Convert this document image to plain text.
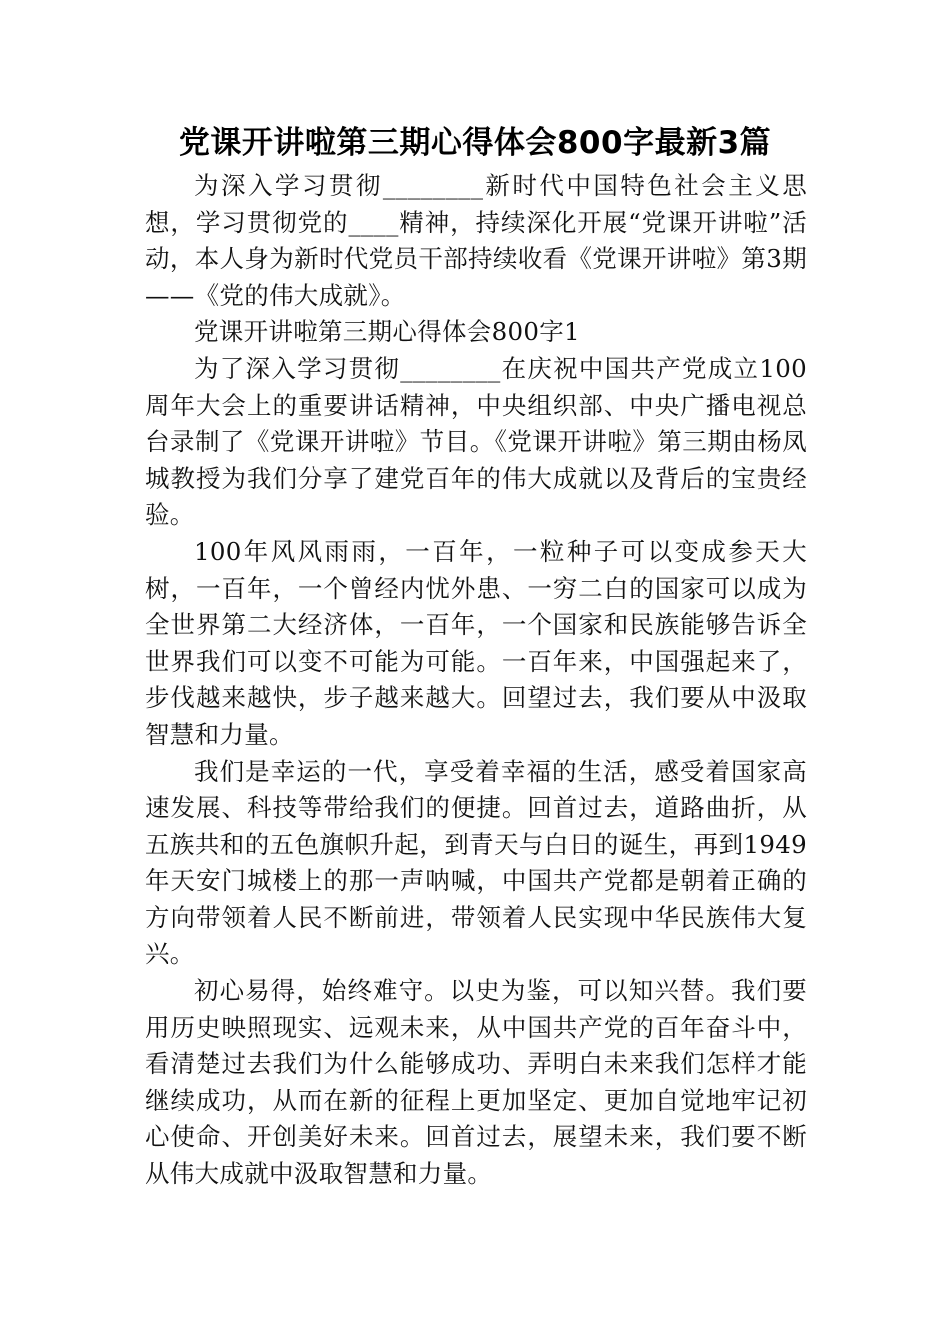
党课开讲啦第三期心得体会800字最新3篇

为深入学习贯彻________新时代中国特色社会主义思想，学习贯彻党的____精神，持续深化开展“党课开讲啦”活动，本人身为新时代党员干部持续收看《党课开讲啦》第3期——《党的伟大成就》。

党课开讲啦第三期心得体会800字1

为了深入学习贯彻________在庆祝中国共产党成立100周年大会上的重要讲话精神，中央组织部、中央广播电视总台录制了《党课开讲啦》节目。《党课开讲啦》第三期由杨凤城教授为我们分享了建党百年的伟大成就以及背后的宝贵经验。

100年风风雨雨，一百年，一粒种子可以变成参天大树，一百年，一个曾经内忧外患、一穷二白的国家可以成为全世界第二大经济体，一百年，一个国家和民族能够告诉全世界我们可以变不可能为可能。一百年来，中国强起来了，步伐越来越快，步子越来越大。回望过去，我们要从中汲取智慧和力量。

我们是幸运的一代，享受着幸福的生活，感受着国家高速发展、科技等带给我们的便捷。回首过去，道路曲折，从五族共和的五色旗帜升起，到青天与白日的诞生，再到1949年天安门城楼上的那一声呐喊，中国共产党都是朝着正确的方向带领着人民不断前进，带领着人民实现中华民族伟大复兴。

初心易得，始终难守。以史为鉴，可以知兴替。我们要用历史映照现实、远观未来，从中国共产党的百年奋斗中，看清楚过去我们为什么能够成功、弄明白未来我们怎样才能继续成功，从而在新的征程上更加坚定、更加自觉地牢记初心使命、开创美好未来。回首过去，展望未来，我们要不断从伟大成就中汲取智慧和力量。
